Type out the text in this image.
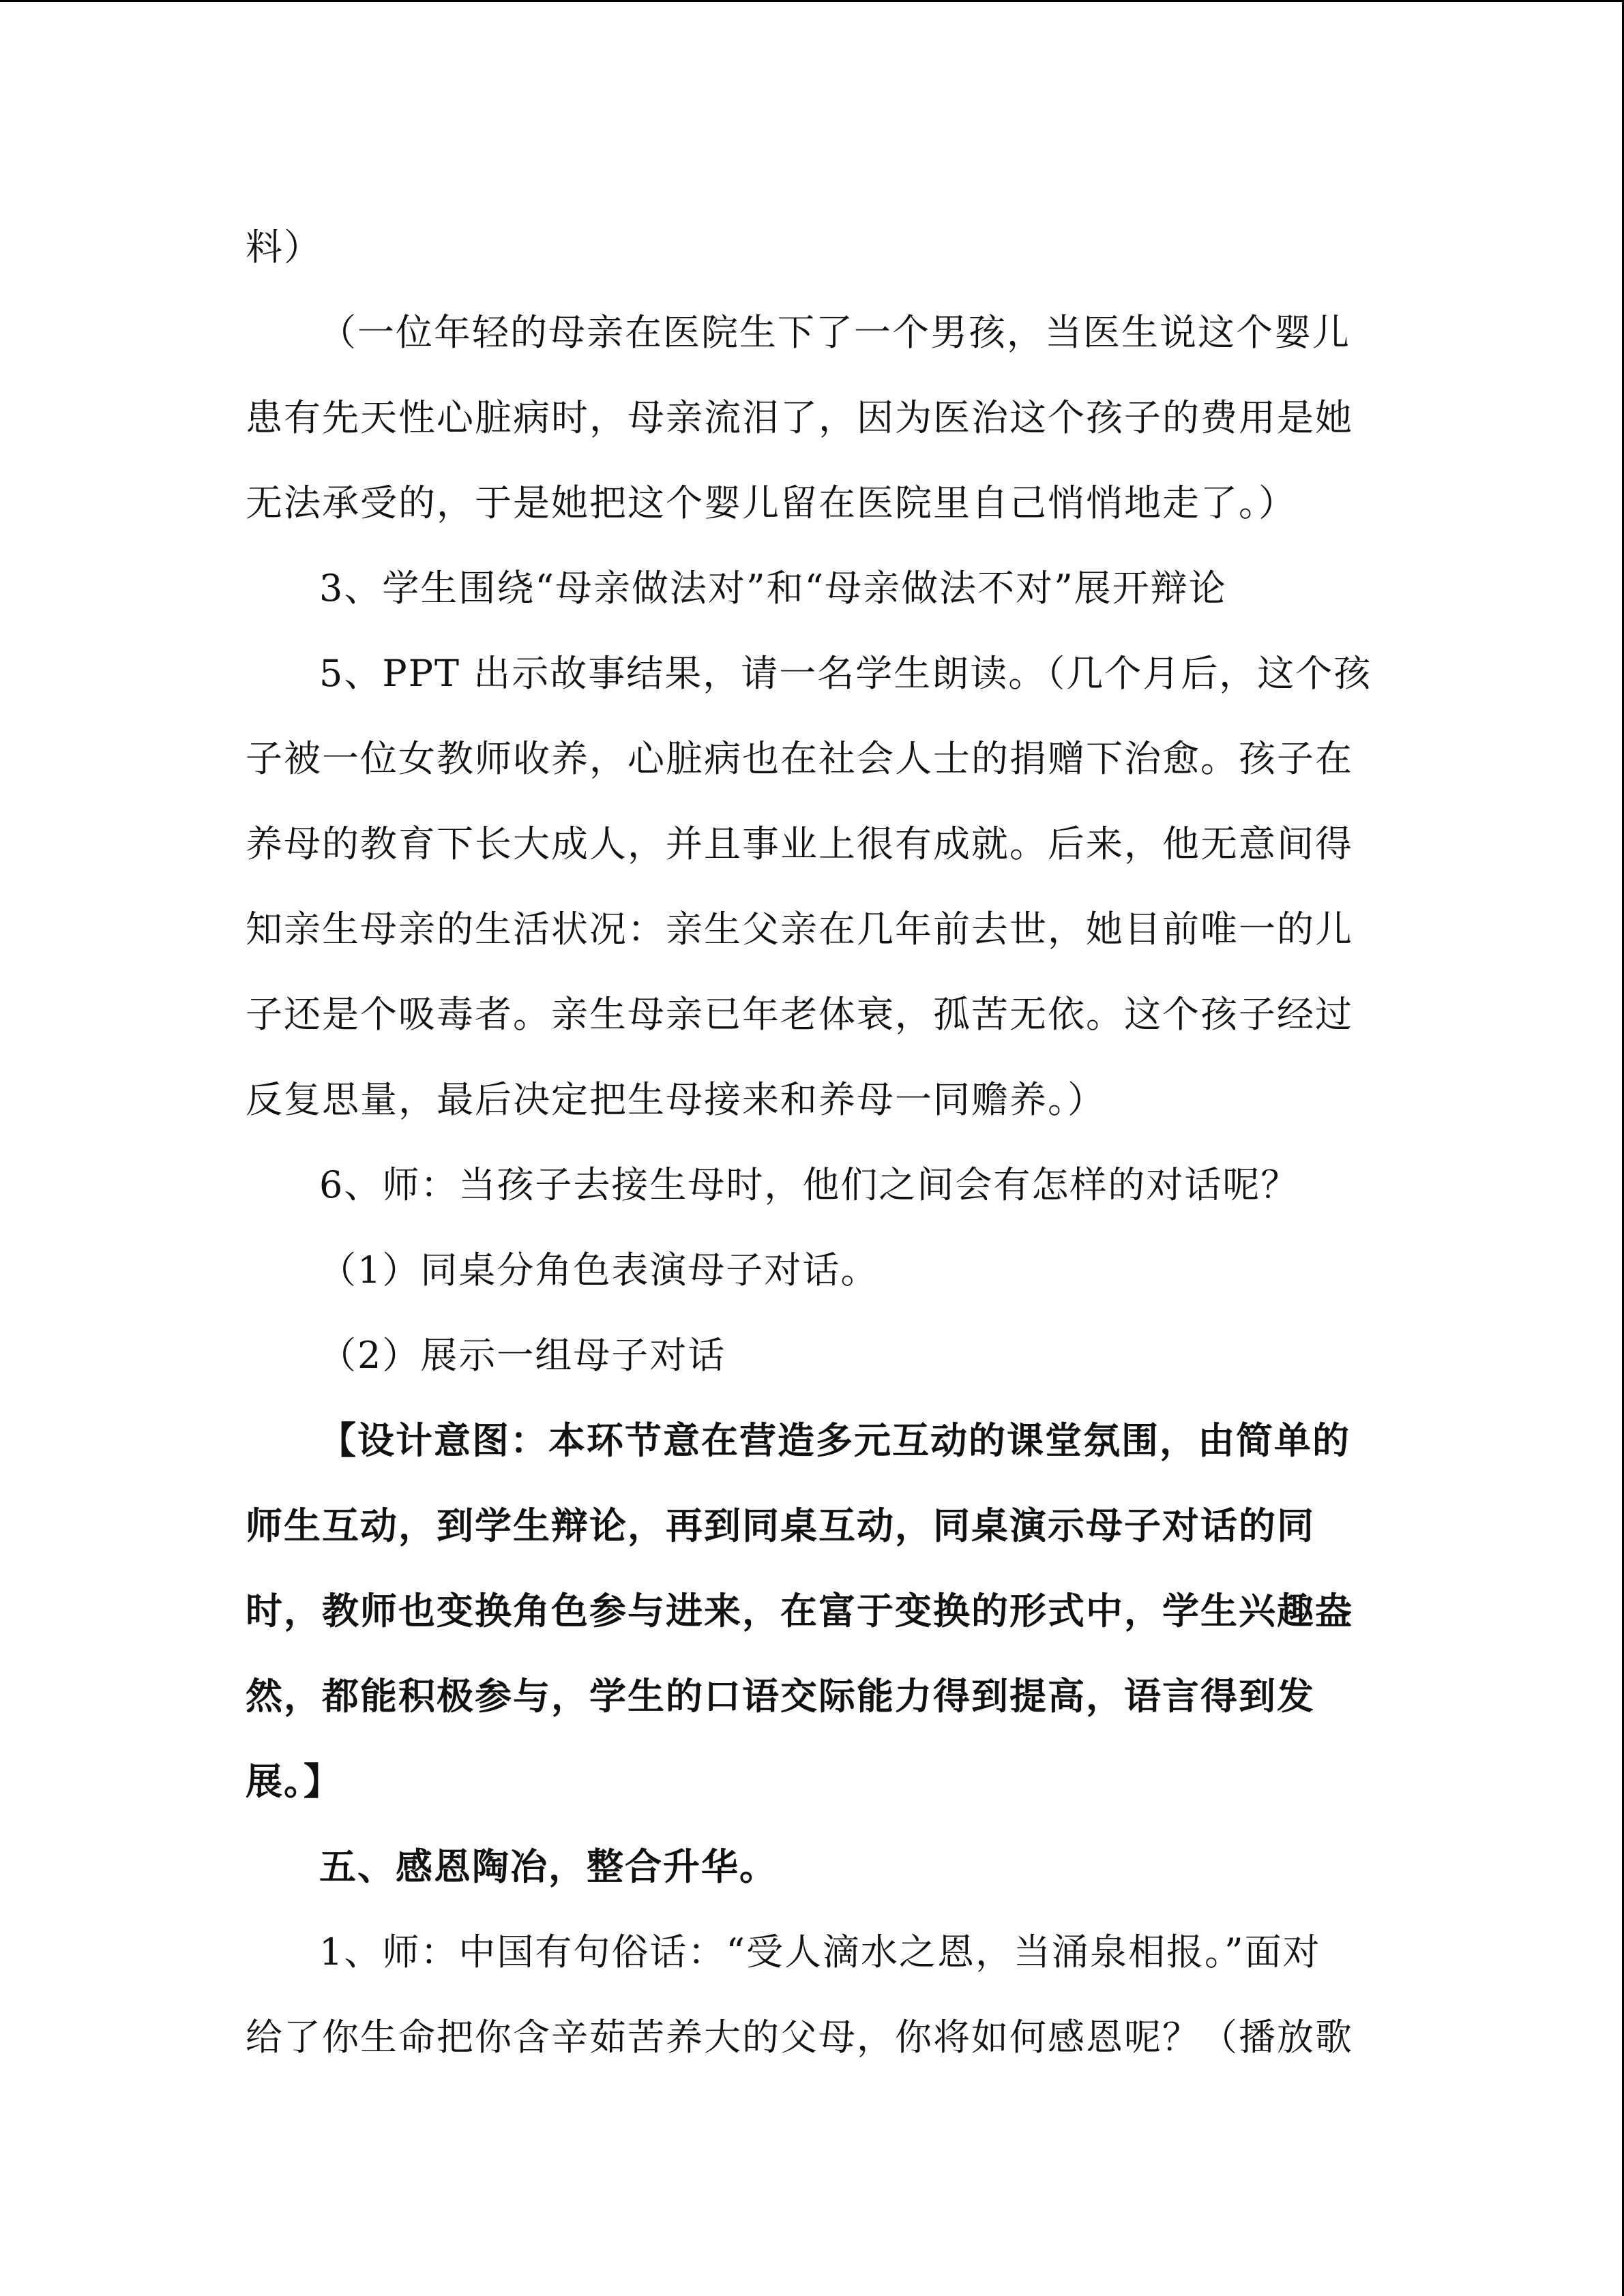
料）
（一位年轻的母亲在医院生下了一个男孩，当医生说这个婴儿
患有先天性心脏病时，母亲流泪了，因为医治这个孩子的费用是她
无法承受的，于是她把这个婴儿留在医院里自己悄悄地走了。）
3、学生围绕“母亲做法对”和“母亲做法不对”展开辩论
5、PPT 出示故事结果，请一名学生朗读。（几个月后，这个孩
子被一位女教师收养，心脏病也在社会人士的捐赠下治愈。孩子在
养母的教育下长大成人，并且事业上很有成就。后来，他无意间得
知亲生母亲的生活状况：亲生父亲在几年前去世，她目前唯一的儿
子还是个吸毒者。亲生母亲已年老体衰，孤苦无依。这个孩子经过
反复思量，最后决定把生母接来和养母一同赡养。）
6、师：当孩子去接生母时，他们之间会有怎样的对话呢？
（1）同桌分角色表演母子对话。
（2）展示一组母子对话
【设计意图：本环节意在营造多元互动的课堂氛围，由简单的
师生互动，到学生辩论，再到同桌互动，同桌演示母子对话的同
时，教师也变换角色参与进来，在富于变换的形式中，学生兴趣盎
然，都能积极参与，学生的口语交际能力得到提高，语言得到发
展。】
五、感恩陶冶，整合升华。
1、师：中国有句俗话：“受人滴水之恩，当涌泉相报。”面对
给了你生命把你含辛茹苦养大的父母，你将如何感恩呢？（播放歌
